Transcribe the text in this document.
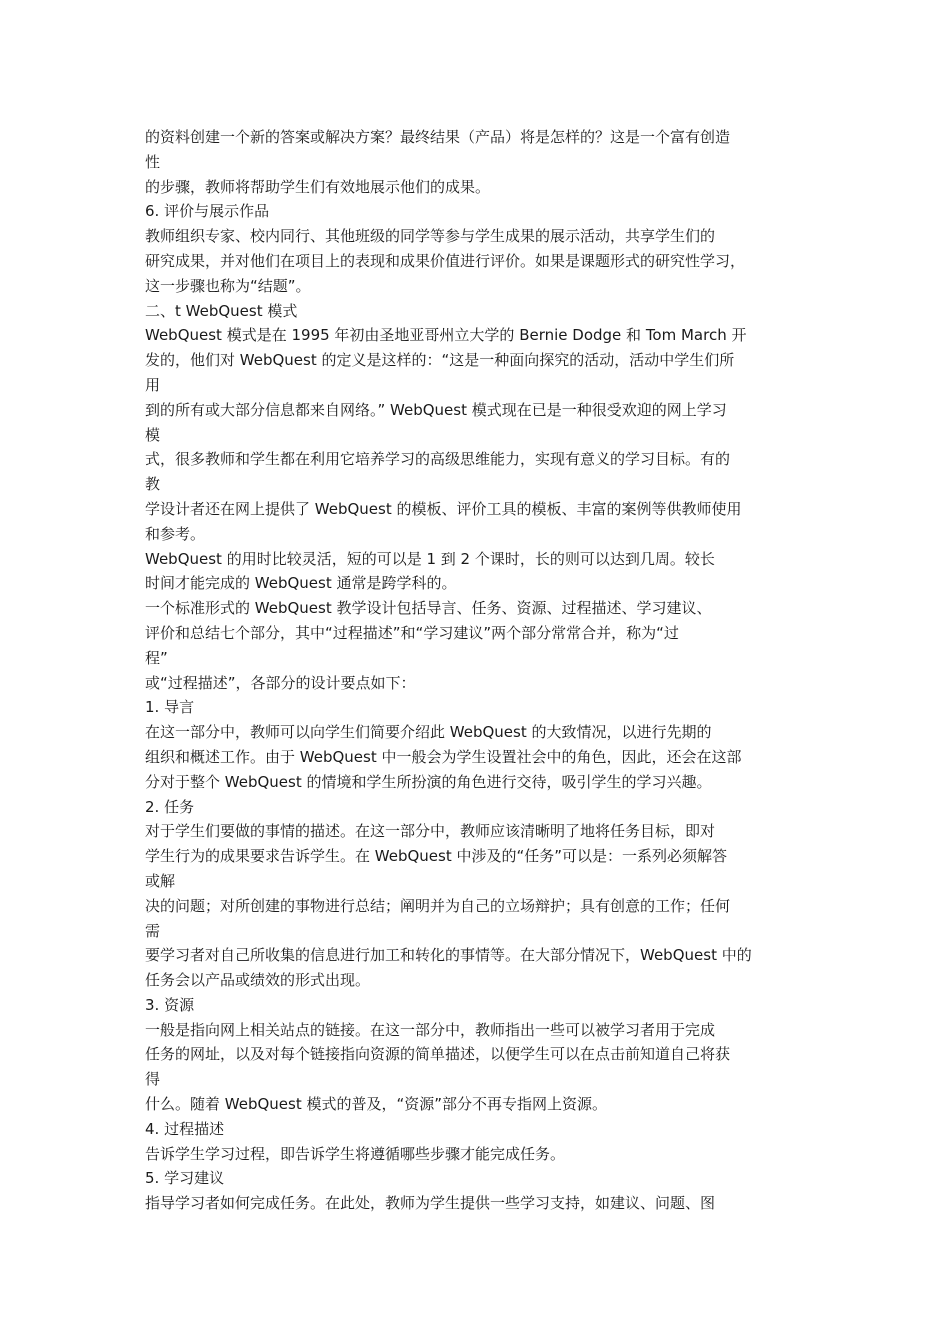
的资料创建一个新的答案或解决方案？最终结果（产品）将是怎样的？这是一个富有创造
性
的步骤，教师将帮助学生们有效地展示他们的成果。
6. 评价与展示作品
教师组织专家、校内同行、其他班级的同学等参与学生成果的展示活动，共享学生们的
研究成果，并对他们在项目上的表现和成果价值进行评价。如果是课题形式的研究性学习，
这一步骤也称为“结题”。
二、t WebQuest 模式
WebQuest 模式是在 1995 年初由圣地亚哥州立大学的 Bernie Dodge 和 Tom March 开
发的，他们对 WebQuest 的定义是这样的：“这是一种面向探究的活动，活动中学生们所
用
到的所有或大部分信息都来自网络。” WebQuest 模式现在已是一种很受欢迎的网上学习
模
式，很多教师和学生都在利用它培养学习的高级思维能力，实现有意义的学习目标。有的
教
学设计者还在网上提供了 WebQuest 的模板、评价工具的模板、丰富的案例等供教师使用
和参考。
WebQuest 的用时比较灵活，短的可以是 1 到 2 个课时，长的则可以达到几周。较长
时间才能完成的 WebQuest 通常是跨学科的。
一个标准形式的 WebQuest 教学设计包括导言、任务、资源、过程描述、学习建议、
评价和总结七个部分，其中“过程描述”和“学习建议”两个部分常常合并，称为“过
程”
或“过程描述”，各部分的设计要点如下：
1. 导言
在这一部分中，教师可以向学生们简要介绍此 WebQuest 的大致情况，以进行先期的
组织和概述工作。由于 WebQuest 中一般会为学生设置社会中的角色，因此，还会在这部
分对于整个 WebQuest 的情境和学生所扮演的角色进行交待，吸引学生的学习兴趣。
2. 任务
对于学生们要做的事情的描述。在这一部分中，教师应该清晰明了地将任务目标，即对
学生行为的成果要求告诉学生。在 WebQuest 中涉及的“任务”可以是：一系列必须解答
或解
决的问题；对所创建的事物进行总结；阐明并为自己的立场辩护；具有创意的工作；任何
需
要学习者对自己所收集的信息进行加工和转化的事情等。在大部分情况下，WebQuest 中的
任务会以产品或绩效的形式出现。
3. 资源
一般是指向网上相关站点的链接。在这一部分中，教师指出一些可以被学习者用于完成
任务的网址，以及对每个链接指向资源的简单描述，以便学生可以在点击前知道自己将获
得
什么。随着 WebQuest 模式的普及，“资源”部分不再专指网上资源。
4. 过程描述
告诉学生学习过程，即告诉学生将遵循哪些步骤才能完成任务。
5. 学习建议
指导学习者如何完成任务。在此处，教师为学生提供一些学习支持，如建议、问题、图
